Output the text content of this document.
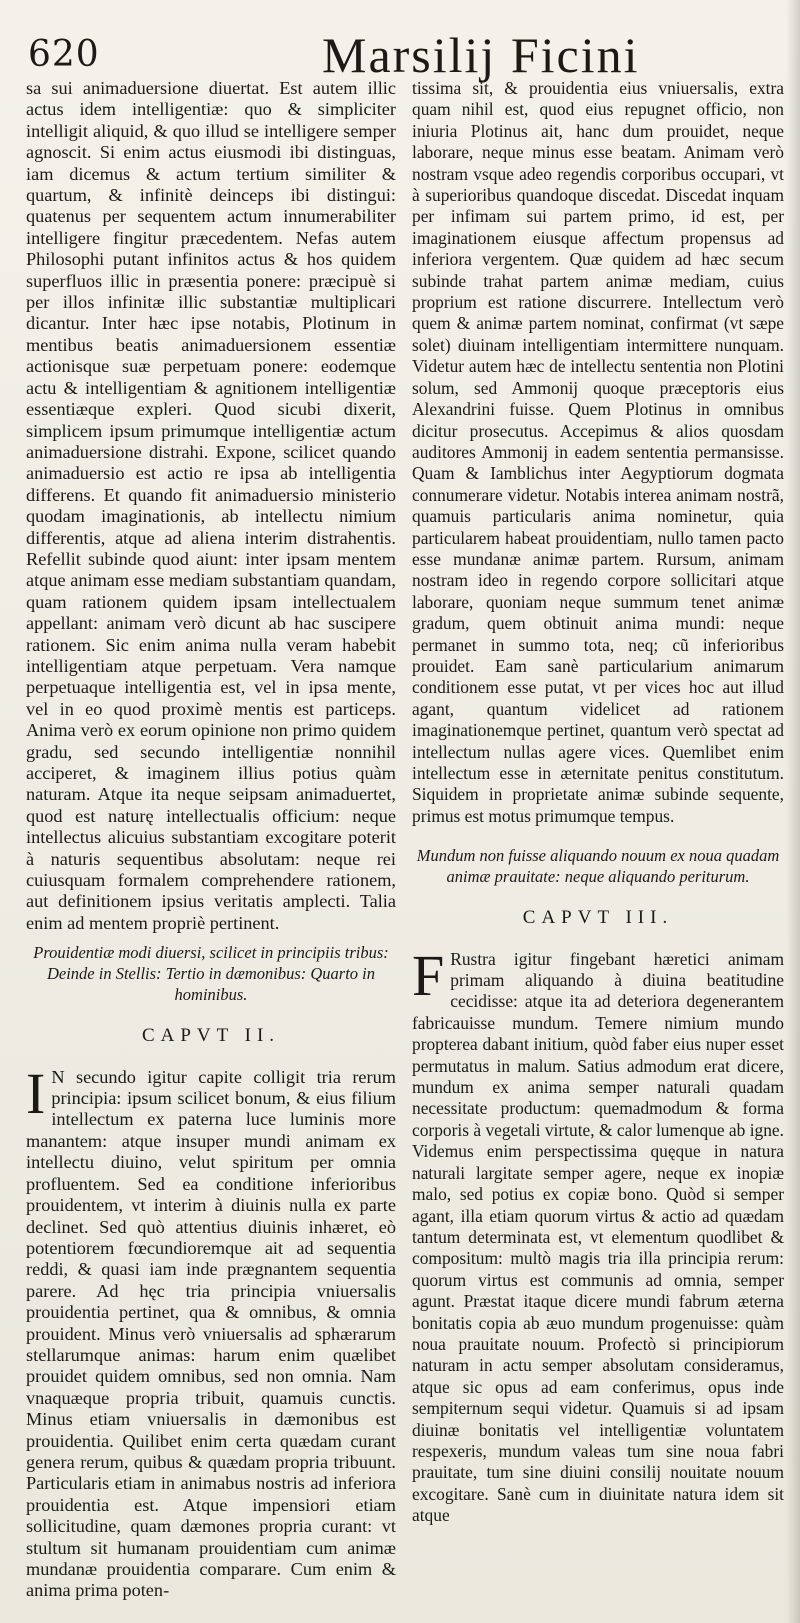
620	Marsilij Ficini

sa sui animaduersione diuertat. Est autem illic actus idem intelligentiæ: quo & simpliciter intelligit aliquid, & quo illud se intelligere semper agnoscit. Si enim actus eiusmodi ibi distinguas, iam dicemus & actum tertium similiter & quartum, & infinitè deinceps ibi distingui: quatenus per sequentem actum innumerabiliter intelligere fingitur præcedentem. Nefas autem Philosophi putant infinitos actus & hos quidem superfluos illic in præsentia ponere: præcipuè si per illos infinitæ illic substantiæ multiplicari dicantur. Inter hæc ipse notabis, Plotinum in mentibus beatis animaduersionem essentiæ actionisque suæ perpetuam ponere: eodemque actu & intelligentiam & agnitionem intelligentiæ essentiæque expleri. Quod sicubi dixerit, simplicem ipsum primumque intelligentiæ actum animaduersione distrahi. Expone, scilicet quando animaduersio est actio re ipsa ab intelligentia differens. Et quando fit animaduersio ministerio quodam imaginationis, ab intellectu nimium differentis, atque ad aliena interim distrahentis. Refellit subinde quod aiunt: inter ipsam mentem atque animam esse mediam substantiam quandam, quam rationem quidem ipsam intellectualem appellant: animam verò dicunt ab hac suscipere rationem. Sic enim anima nulla veram habebit intelligentiam atque perpetuam. Vera namque perpetuaque intelligentia est, vel in ipsa mente, vel in eo quod proximè mentis est particeps. Anima verò ex eorum opinione non primo quidem gradu, sed secundo intelligentiæ nonnihil acciperet, & imaginem illius potius quàm naturam. Atque ita neque seipsam animaduertet, quod est naturę intellectualis officium: neque intellectus alicuius substantiam excogitare poterit à naturis sequentibus absolutam: neque rei cuiusquam formalem comprehendere rationem, aut definitionem ipsius veritatis amplecti. Talia enim ad mentem propriè pertinent.

Prouidentiæ modi diuersi, scilicet in principiis tribus: Deinde in Stellis: Tertio in dæmonibus: Quarto in hominibus.
CAPVT II.

I N secundo igitur capite colligit tria rerum principia: ipsum scilicet bonum, & eius filium intellectum ex paterna luce luminis more manantem: atque insuper mundi animam ex intellectu diuino, velut spiritum per omnia profluentem. Sed ea conditione inferioribus prouidentem, vt interim à diuinis nulla ex parte declinet. Sed quò attentius diuinis inhæret, eò potentiorem fœcundioremque ait ad sequentia reddi, & quasi iam inde prægnantem sequentia parere. Ad hęc tria principia vniuersalis prouidentia pertinet, qua & omnibus, & omnia prouident. Minus verò vniuersalis ad sphærarum stellarumque animas: harum enim quælibet prouidet quidem omnibus, sed non omnia. Nam vnaquæque propria tribuit, quamuis cunctis. Minus etiam vniuersalis in dæmonibus est prouidentia. Quilibet enim certa quædam curant genera rerum, quibus & quædam propria tribuunt. Particularis etiam in animabus nostris ad inferiora prouidentia est. Atque impensiori etiam sollicitudine, quam dæmones propria curant: vt stultum sit humanam prouidentiam cum animæ mundanæ prouidentia comparare. Cum enim & anima prima poten-

tissima sit, & prouidentia eius vniuersalis, extra quam nihil est, quod eius repugnet officio, non iniuria Plotinus ait, hanc dum prouidet, neque laborare, neque minus esse beatam. Animam verò nostram vsque adeo regendis corporibus occupari, vt à superioribus quandoque discedat. Discedat inquam per infimam sui partem primo, id est, per imaginationem eiusque affectum propensus ad inferiora vergentem. Quæ quidem ad hæc secum subinde trahat partem animæ mediam, cuius proprium est ratione discurrere. Intellectum verò quem & animæ partem nominat, confirmat (vt sæpe solet) diuinam intelligentiam intermittere nunquam. Videtur autem hæc de intellectu sententia non Plotini solum, sed Ammonij quoque præceptoris eius Alexandrini fuisse. Quem Plotinus in omnibus dicitur prosecutus. Accepimus & alios quosdam auditores Ammonij in eadem sententia permansisse. Quam & Iamblichus inter Aegyptiorum dogmata connumerare videtur. Notabis interea animam nostrã, quamuis particularis anima nominetur, quia particularem habeat prouidentiam, nullo tamen pacto esse mundanæ animæ partem. Rursum, animam nostram ideo in regendo corpore sollicitari atque laborare, quoniam neque summum tenet animæ gradum, quem obtinuit anima mundi: neque permanet in summo tota, neq; cũ inferioribus prouidet. Eam sanè particularium animarum conditionem esse putat, vt per vices hoc aut illud agant, quantum videlicet ad rationem imaginationemque pertinet, quantum verò spectat ad intellectum nullas agere vices. Quemlibet enim intellectum esse in æternitate penitus constitutum. Siquidem in proprietate animæ subinde sequente, primus est motus primumque tempus.

Mundum non fuisse aliquando nouum ex noua quadam animæ prauitate: neque aliquando periturum.
CAPVT III.

F Rustra igitur fingebant hæretici animam primam aliquando à diuina beatitudine cecidisse: atque ita ad deteriora degenerantem fabricauisse mundum. Temere nimium mundo propterea dabant initium, quòd faber eius nuper esset permutatus in malum. Satius admodum erat dicere, mundum ex anima semper naturali quadam necessitate productum: quemadmodum & forma corporis à vegetali virtute, & calor lumenque ab igne. Videmus enim perspectissima quęque in natura naturali largitate semper agere, neque ex inopiæ malo, sed potius ex copiæ bono. Quòd si semper agant, illa etiam quorum virtus & actio ad quædam tantum determinata est, vt elementum quodlibet & compositum: multò magis tria illa principia rerum: quorum virtus est communis ad omnia, semper agunt. Præstat itaque dicere mundi fabrum æterna bonitatis copia ab æuo mundum progenuisse: quàm noua prauitate nouum. Profectò si principiorum naturam in actu semper absolutam consideramus, atque sic opus ad eam conferimus, opus inde sempiternum sequi videtur. Quamuis si ad ipsam diuinæ bonitatis vel intelligentiæ voluntatem respexeris, mundum valeas tum sine noua fabri prauitate, tum sine diuini consilij nouitate nouum excogitare. Sanè cum in diuinitate natura idem sit atque
